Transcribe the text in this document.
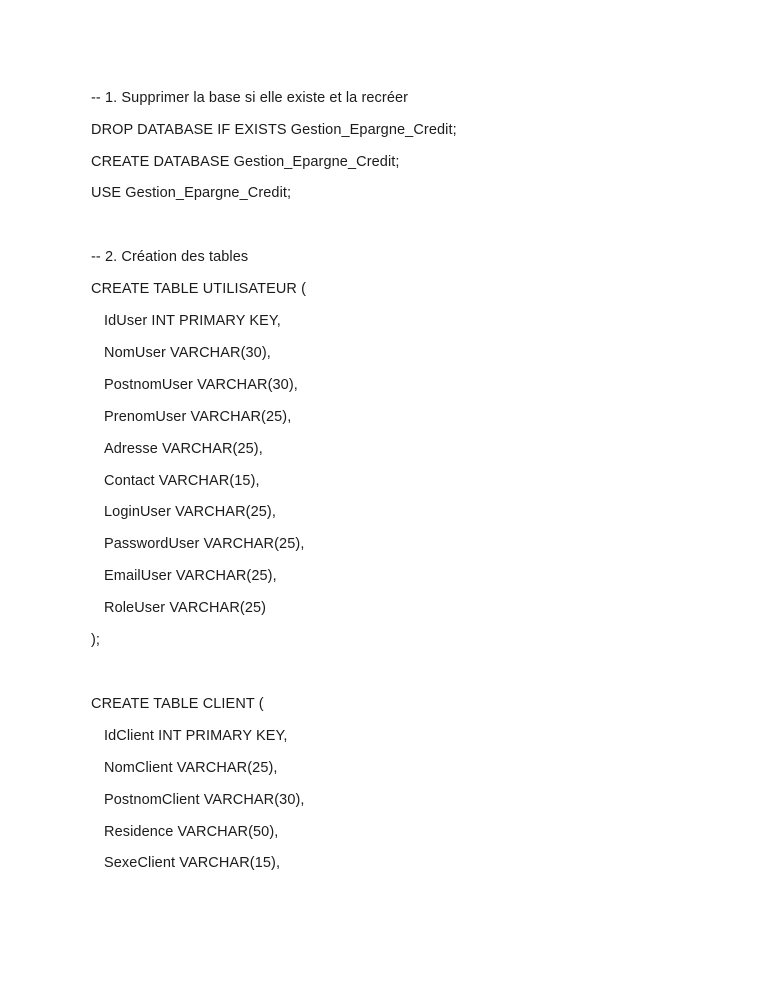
-- 1. Supprimer la base si elle existe et la recréer
DROP DATABASE IF EXISTS Gestion_Epargne_Credit;
CREATE DATABASE Gestion_Epargne_Credit;
USE Gestion_Epargne_Credit;
-- 2. Création des tables
CREATE TABLE UTILISATEUR (
IdUser INT PRIMARY KEY,
NomUser VARCHAR(30),
PostnomUser VARCHAR(30),
PrenomUser VARCHAR(25),
Adresse VARCHAR(25),
Contact VARCHAR(15),
LoginUser VARCHAR(25),
PasswordUser VARCHAR(25),
EmailUser VARCHAR(25),
RoleUser VARCHAR(25)
);
CREATE TABLE CLIENT (
IdClient INT PRIMARY KEY,
NomClient VARCHAR(25),
PostnomClient VARCHAR(30),
Residence VARCHAR(50),
SexeClient VARCHAR(15),
